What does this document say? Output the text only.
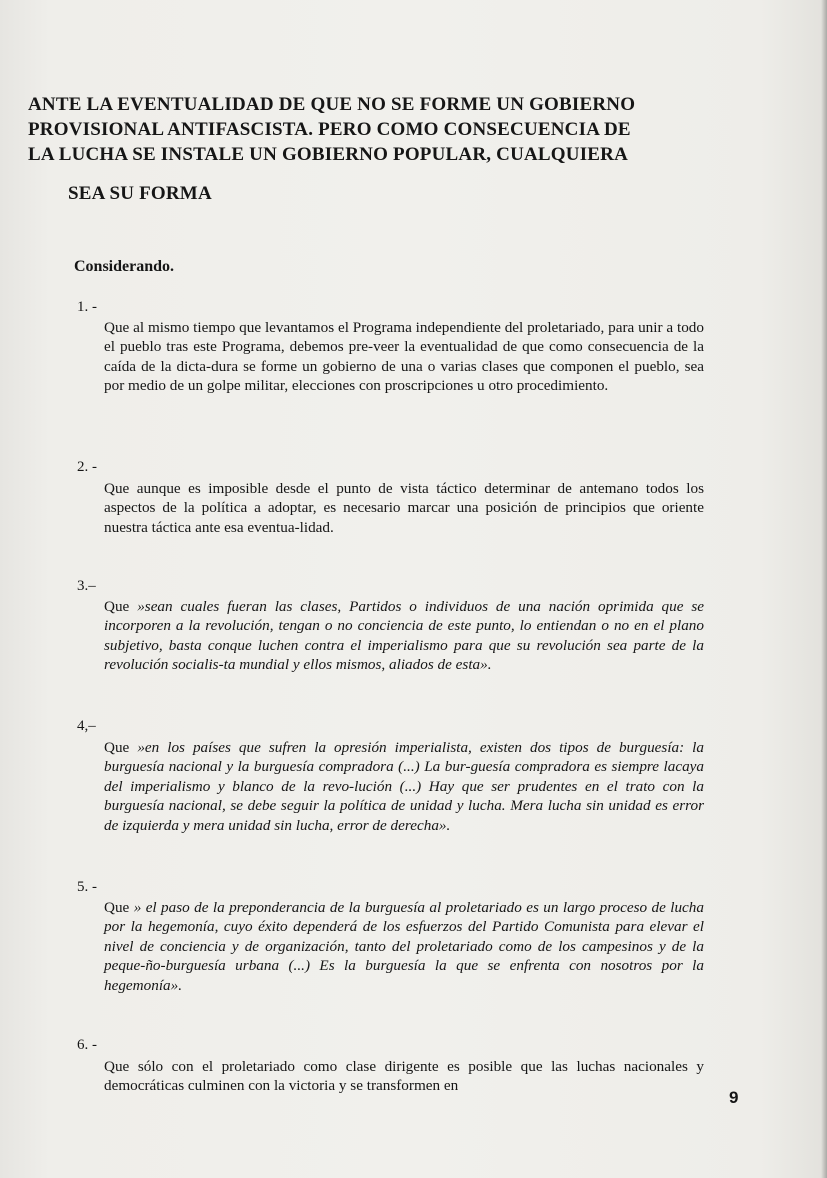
ANTE LA EVENTUALIDAD DE QUE NO SE FORME UN GOBIERNO
PROVISIONAL ANTIFASCISTA. PERO COMO CONSECUENCIA DE
LA LUCHA SE INSTALE UN GOBIERNO POPULAR, CUALQUIERA
SEA SU FORMA
Considerando.
1. -
Que al mismo tiempo que levantamos el Programa independiente del proletariado, para unir a todo el pueblo tras este Programa, debemos pre-veer la eventualidad de que como consecuencia de la caída de la dicta-dura se forme un gobierno de una o varias clases que componen el pueblo, sea por medio de un golpe militar, elecciones con proscripciones u otro procedimiento.
2. -
Que aunque es imposible desde el punto de vista táctico determinar de antemano todos los aspectos de la política a adoptar, es necesario marcar una posición de principios que oriente nuestra táctica ante esa eventua-lidad.
3.–
Que »sean cuales fueran las clases, Partidos o individuos de una nación oprimida que se incorporen a la revolución, tengan o no conciencia de este punto, lo entiendan o no en el plano subjetivo, basta conque luchen contra el imperialismo para que su revolución sea parte de la revolución socialis-ta mundial y ellos mismos, aliados de esta».
4,–
Que »en los países que sufren la opresión imperialista, existen dos tipos de burguesía: la burguesía nacional y la burguesía compradora (...) La bur-guesía compradora es siempre lacaya del imperialismo y blanco de la revo-lución (...) Hay que ser prudentes en el trato con la burguesía nacional, se debe seguir la política de unidad y lucha. Mera lucha sin unidad es error de izquierda y mera unidad sin lucha, error de derecha».
5. -
Que » el paso de la preponderancia de la burguesía al proletariado es un largo proceso de lucha por la hegemonía, cuyo éxito dependerá de los esfuerzos del Partido Comunista para elevar el nivel de conciencia y de organización, tanto del proletariado como de los campesinos y de la peque-ño-burguesía urbana (...) Es la burguesía la que se enfrenta con nosotros por la hegemonía».
6. -
Que sólo con el proletariado como clase dirigente es posible que las luchas nacionales y democráticas culminen con la victoria y se transformen en
9
